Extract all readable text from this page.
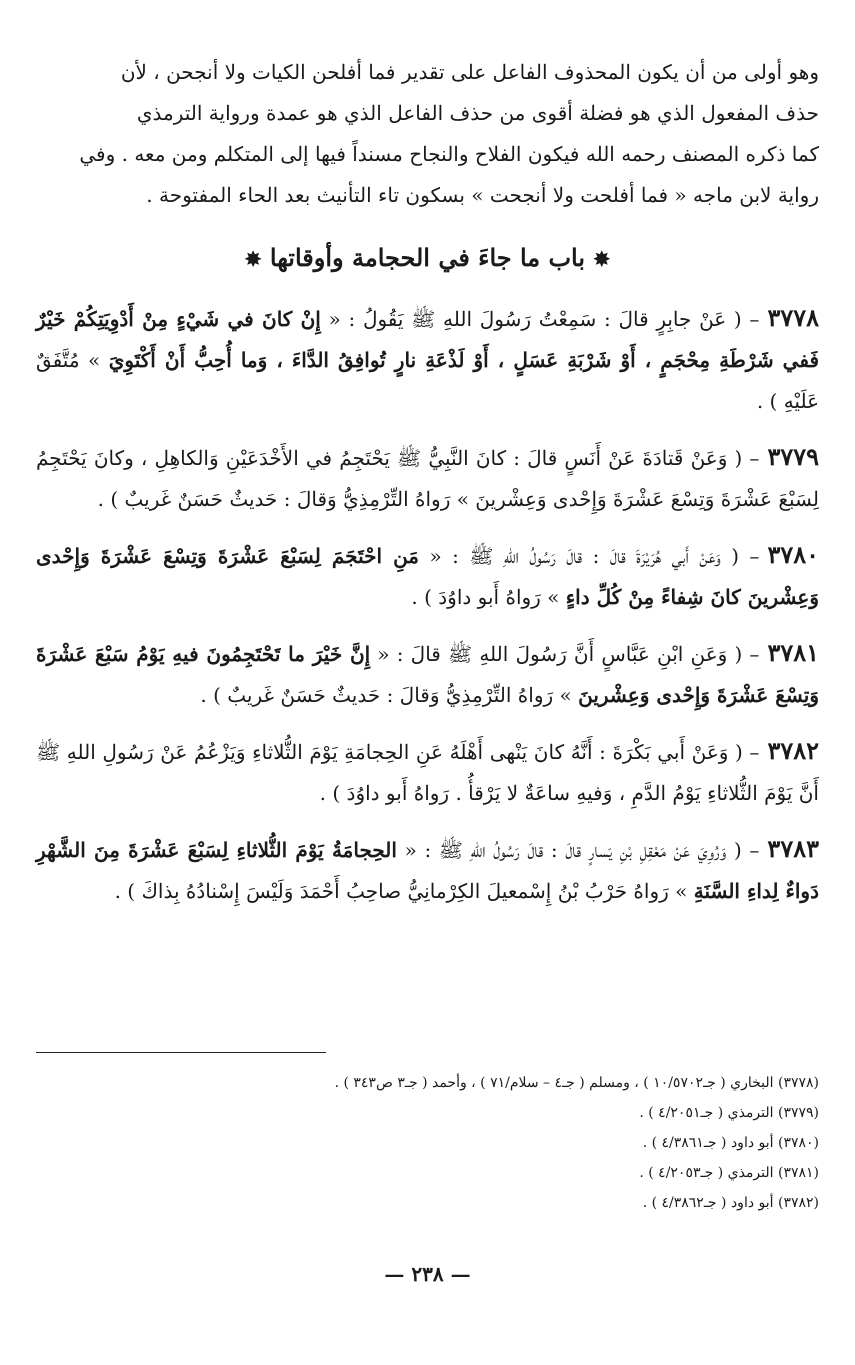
وهو أولى من أن يكون المحذوف الفاعل على تقدير فما أفلحن الكيات ولا أنجحن ، لأن

حذف المفعول الذي هو فضلة أقوى من حذف الفاعل الذي هو عمدة ورواية الترمذي

كما ذكره المصنف رحمه الله فيكون الفلاح والنجاح مسنداً فيها إلى المتكلم ومن معه . وفي

رواية لابن ماجه « فما أفلحت ولا أنجحت » بسكون تاء التأنيث بعد الحاء المفتوحة .

✸ باب ما جاءَ في الحجامة وأوقاتها ✸

٣٧٧٨– ( عَنْ جابِرٍ قالَ : سَمِعْتُ رَسُولَ اللهِ ﷺ يَقُولُ : « إِنْ كانَ في شَيْءٍ مِنْ أَدْوِيَتِكُمْ خَيْرٌ فَفي شَرْطَةِ مِحْجَمٍ ، أَوْ شَرْبَةِ عَسَلٍ ، أَوْ لَذْعَةِ نارٍ تُوافِقُ الدَّاءَ ، وَما أُحِبُّ أَنْ أَكْتَوِيَ » مُتَّفَقٌ عَلَيْهِ ) .

٣٧٧٩– ( وَعَنْ قَتادَةَ عَنْ أَنَسٍ قالَ : كانَ النَّبِيُّ ﷺ يَحْتَجِمُ في الأَخْدَعَيْنِ وَالكاهِلِ ، وكانَ يَحْتَجِمُ لِسَبْعَ عَشْرَةَ وَتِسْعَ عَشْرَةَ وَإِحْدى وَعِشْرينَ » رَواهُ التِّرْمِذِيُّ وَقالَ : حَديثٌ حَسَنٌ غَريبٌ ) .

٣٧٨٠– ( وَعَنْ أَبي هُرَيْرَةَ قالَ : قالَ رَسُولُ اللهِ ﷺ : « مَنِ احْتَجَمَ لِسَبْعَ عَشْرَةَ وَتِسْعَ عَشْرَةَ وَإِحْدى وَعِشْرينَ كانَ شِفاءً مِنْ كُلِّ داءٍ » رَواهُ أَبو داوُدَ ) .

٣٧٨١– ( وَعَنِ ابْنِ عَبَّاسٍ أَنَّ رَسُولَ اللهِ ﷺ قالَ : « إِنَّ خَيْرَ ما تَحْتَجِمُونَ فيهِ يَوْمُ سَبْعَ عَشْرَةَ وَتِسْعَ عَشْرَةَ وَإِحْدى وَعِشْرينَ » رَواهُ التِّرْمِذِيُّ وَقالَ : حَديثٌ حَسَنٌ غَريبٌ ) .

٣٧٨٢– ( وَعَنْ أَبي بَكْرَةَ : أَنَّهُ كانَ يَنْهى أَهْلَهُ عَنِ الحِجامَةِ يَوْمَ الثُّلاثاءِ وَيَزْعُمُ عَنْ رَسُولِ اللهِ ﷺ أَنَّ يَوْمَ الثُّلاثاءِ يَوْمُ الدَّمِ ، وَفيهِ ساعَةٌ لا يَرْقأُ . رَواهُ أَبو داوُدَ ) .

٣٧٨٣– ( وَرُوِيَ عَنْ مَعْقِلِ بْنِ يَسارٍ قالَ : قالَ رَسُولُ اللهِ ﷺ : « الحِجامَةُ يَوْمَ الثُّلاثاءِ لِسَبْعَ عَشْرَةَ مِنَ الشَّهْرِ دَواءٌ لِداءِ السَّنَةِ » رَواهُ حَرْبُ بْنُ إِسْمعيلَ الكِرْمانِيُّ صاحِبُ أَحْمَدَ وَلَيْسَ إِسْنادُهُ بِذاكَ ) .

(٣٧٧٨) البخاري ( جـ١٠/٥٧٠٢ ) ، ومسلم ( جـ٤ – سلام/٧١ ) ، وأحمد ( جـ٣ ص٣٤٣ ) .

(٣٧٧٩) الترمذي ( جـ٤/٢٠٥١ ) .

(٣٧٨٠) أبو داود ( جـ٤/٣٨٦١ ) .

(٣٧٨١) الترمذي ( جـ٤/٢٠٥٣ ) .

(٣٧٨٢) أبو داود ( جـ٤/٣٨٦٢ ) .

— ٢٣٨ —
